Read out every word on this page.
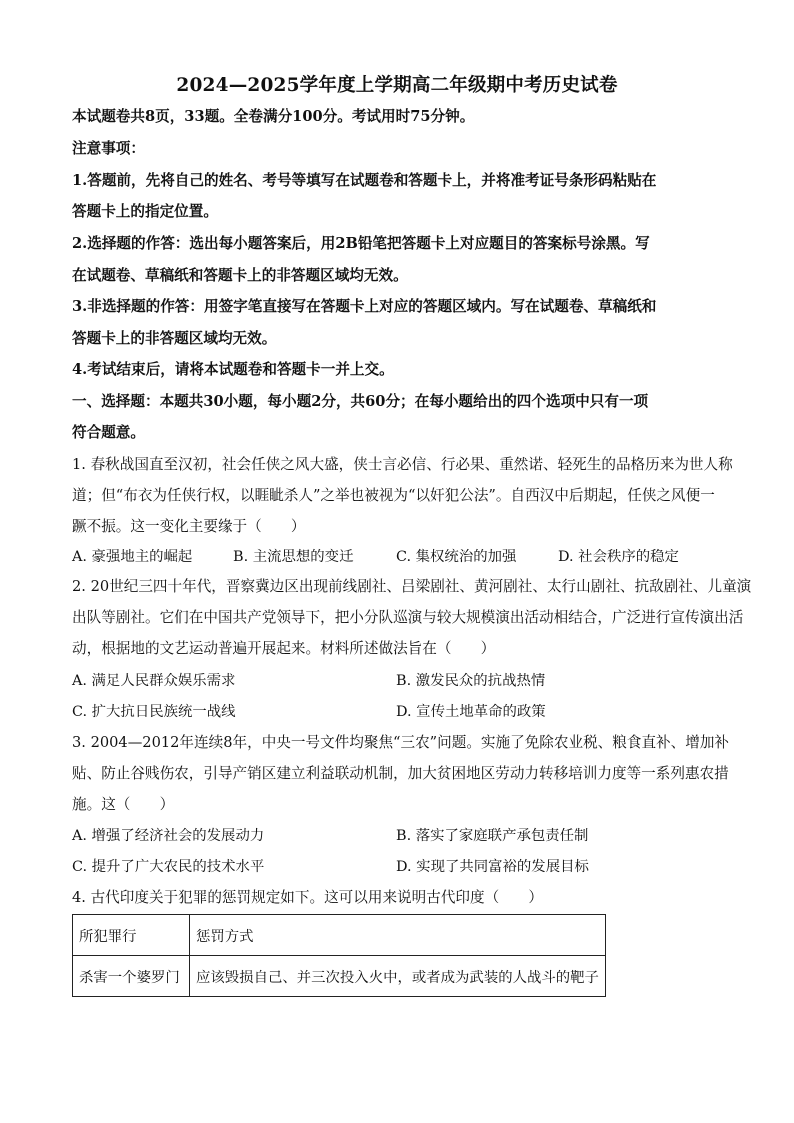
2024—2025学年度上学期高二年级期中考历史试卷
本试题卷共8页，33题。全卷满分100分。考试用时75分钟。
注意事项：
1.答题前，先将自己的姓名、考号等填写在试题卷和答题卡上，并将准考证号条形码粘贴在
答题卡上的指定位置。
2.选择题的作答：选出每小题答案后，用2B铅笔把答题卡上对应题目的答案标号涂黑。写
在试题卷、草稿纸和答题卡上的非答题区域均无效。
3.非选择题的作答：用签字笔直接写在答题卡上对应的答题区域内。写在试题卷、草稿纸和
答题卡上的非答题区域均无效。
4.考试结束后，请将本试题卷和答题卡一并上交。
一、选择题：本题共30小题，每小题2分，共60分；在每小题给出的四个选项中只有一项
符合题意。
1. 春秋战国直至汉初，社会任侠之风大盛，侠士言必信、行必果、重然诺、轻死生的品格历来为世人称
道；但“布衣为任侠行权，以睚眦杀人”之举也被视为“以奸犯公法”。自西汉中后期起，任侠之风便一
蹶不振。这一变化主要缘于（　　）
A. 豪强地主的崛起	B. 主流思想的变迁	C. 集权统治的加强	D. 社会秩序的稳定
2. 20世纪三四十年代，晋察冀边区出现前线剧社、吕梁剧社、黄河剧社、太行山剧社、抗敌剧社、儿童演
出队等剧社。它们在中国共产党领导下，把小分队巡演与较大规模演出活动相结合，广泛进行宣传演出活
动，根据地的文艺运动普遍开展起来。材料所述做法旨在（　　）
A. 满足人民群众娱乐需求	B. 激发民众的抗战热情
C. 扩大抗日民族统一战线	D. 宣传土地革命的政策
3. 2004—2012年连续8年，中央一号文件均聚焦“三农”问题。实施了免除农业税、粮食直补、增加补
贴、防止谷贱伤农，引导产销区建立利益联动机制，加大贫困地区劳动力转移培训力度等一系列惠农措
施。这（　　）
A. 增强了经济社会的发展动力	B. 落实了家庭联产承包责任制
C. 提升了广大农民的技术水平	D. 实现了共同富裕的发展目标
4. 古代印度关于犯罪的惩罚规定如下。这可以用来说明古代印度（　　）
所犯罪行	惩罚方式
杀害一个婆罗门	应该毁损自己、并三次投入火中，或者成为武装的人战斗的靶子
